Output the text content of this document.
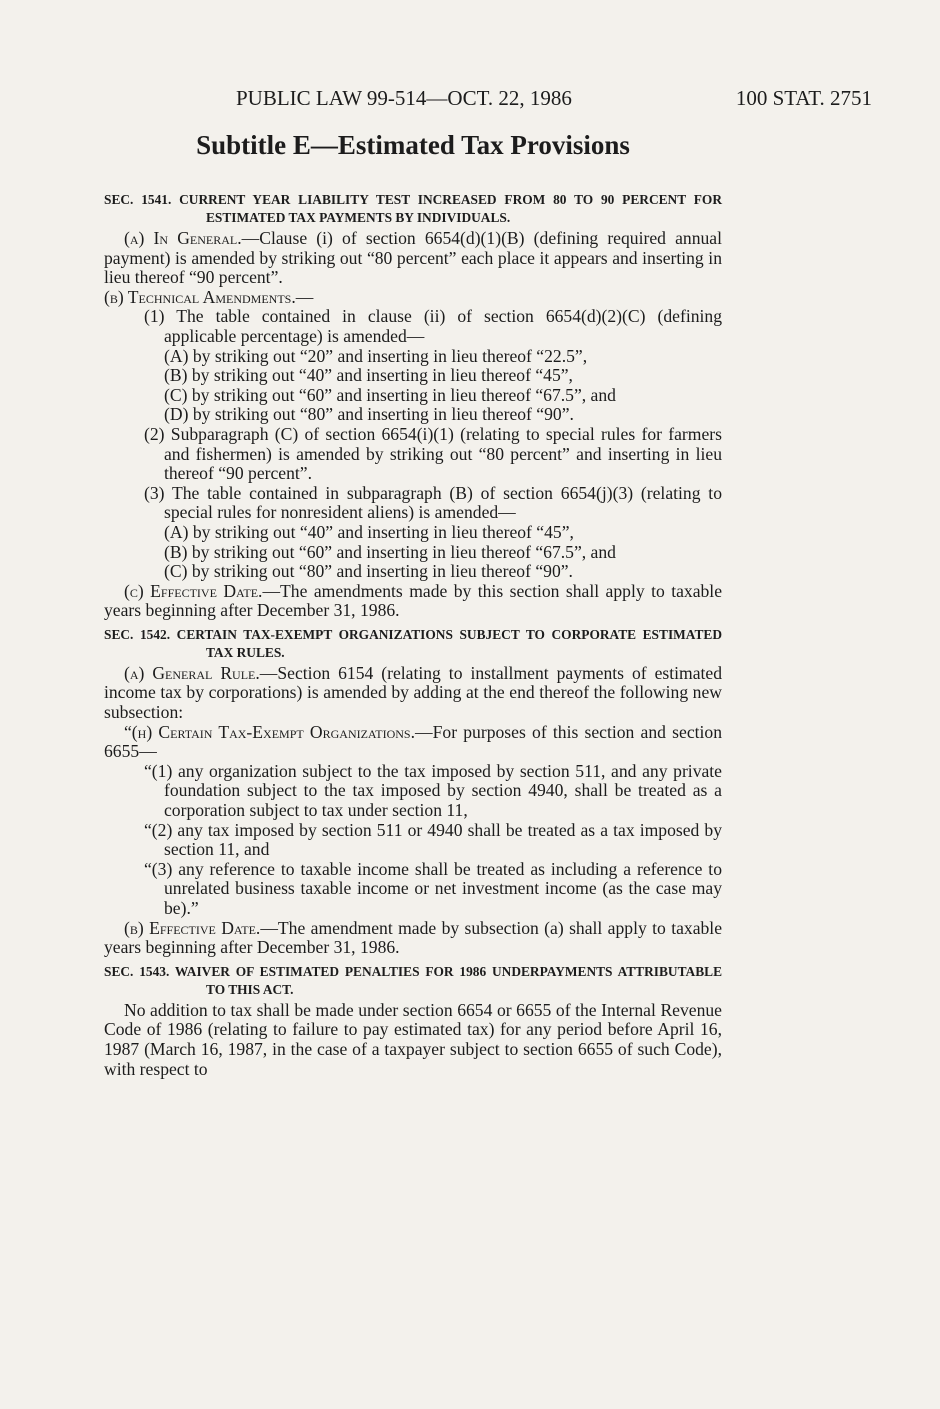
PUBLIC LAW 99-514—OCT. 22, 1986	100 STAT. 2751
Subtitle E—Estimated Tax Provisions

SEC. 1541. CURRENT YEAR LIABILITY TEST INCREASED FROM 80 TO 90 PERCENT FOR ESTIMATED TAX PAYMENTS BY INDIVIDUALS.

(a) In General.—Clause (i) of section 6654(d)(1)(B) (defining required annual payment) is amended by striking out “80 percent” each place it appears and inserting in lieu thereof “90 percent”.

(b) Technical Amendments.—

(1) The table contained in clause (ii) of section 6654(d)(2)(C) (defining applicable percentage) is amended—

(A) by striking out “20” and inserting in lieu thereof “22.5”,

(B) by striking out “40” and inserting in lieu thereof “45”,

(C) by striking out “60” and inserting in lieu thereof “67.5”, and

(D) by striking out “80” and inserting in lieu thereof “90”.

(2) Subparagraph (C) of section 6654(i)(1) (relating to special rules for farmers and fishermen) is amended by striking out “80 percent” and inserting in lieu thereof “90 percent”.

(3) The table contained in subparagraph (B) of section 6654(j)(3) (relating to special rules for nonresident aliens) is amended—

(A) by striking out “40” and inserting in lieu thereof “45”,

(B) by striking out “60” and inserting in lieu thereof “67.5”, and

(C) by striking out “80” and inserting in lieu thereof “90”.

(c) Effective Date.—The amendments made by this section shall apply to taxable years beginning after December 31, 1986.

SEC. 1542. CERTAIN TAX-EXEMPT ORGANIZATIONS SUBJECT TO CORPORATE ESTIMATED TAX RULES.

(a) General Rule.—Section 6154 (relating to installment payments of estimated income tax by corporations) is amended by adding at the end thereof the following new subsection:

“(h) Certain Tax-Exempt Organizations.—For purposes of this section and section 6655—

“(1) any organization subject to the tax imposed by section 511, and any private foundation subject to the tax imposed by section 4940, shall be treated as a corporation subject to tax under section 11,

“(2) any tax imposed by section 511 or 4940 shall be treated as a tax imposed by section 11, and

“(3) any reference to taxable income shall be treated as including a reference to unrelated business taxable income or net investment income (as the case may be).”

(b) Effective Date.—The amendment made by subsection (a) shall apply to taxable years beginning after December 31, 1986.

SEC. 1543. WAIVER OF ESTIMATED PENALTIES FOR 1986 UNDERPAYMENTS ATTRIBUTABLE TO THIS ACT.

No addition to tax shall be made under section 6654 or 6655 of the Internal Revenue Code of 1986 (relating to failure to pay estimated tax) for any period before April 16, 1987 (March 16, 1987, in the case of a taxpayer subject to section 6655 of such Code), with respect to
